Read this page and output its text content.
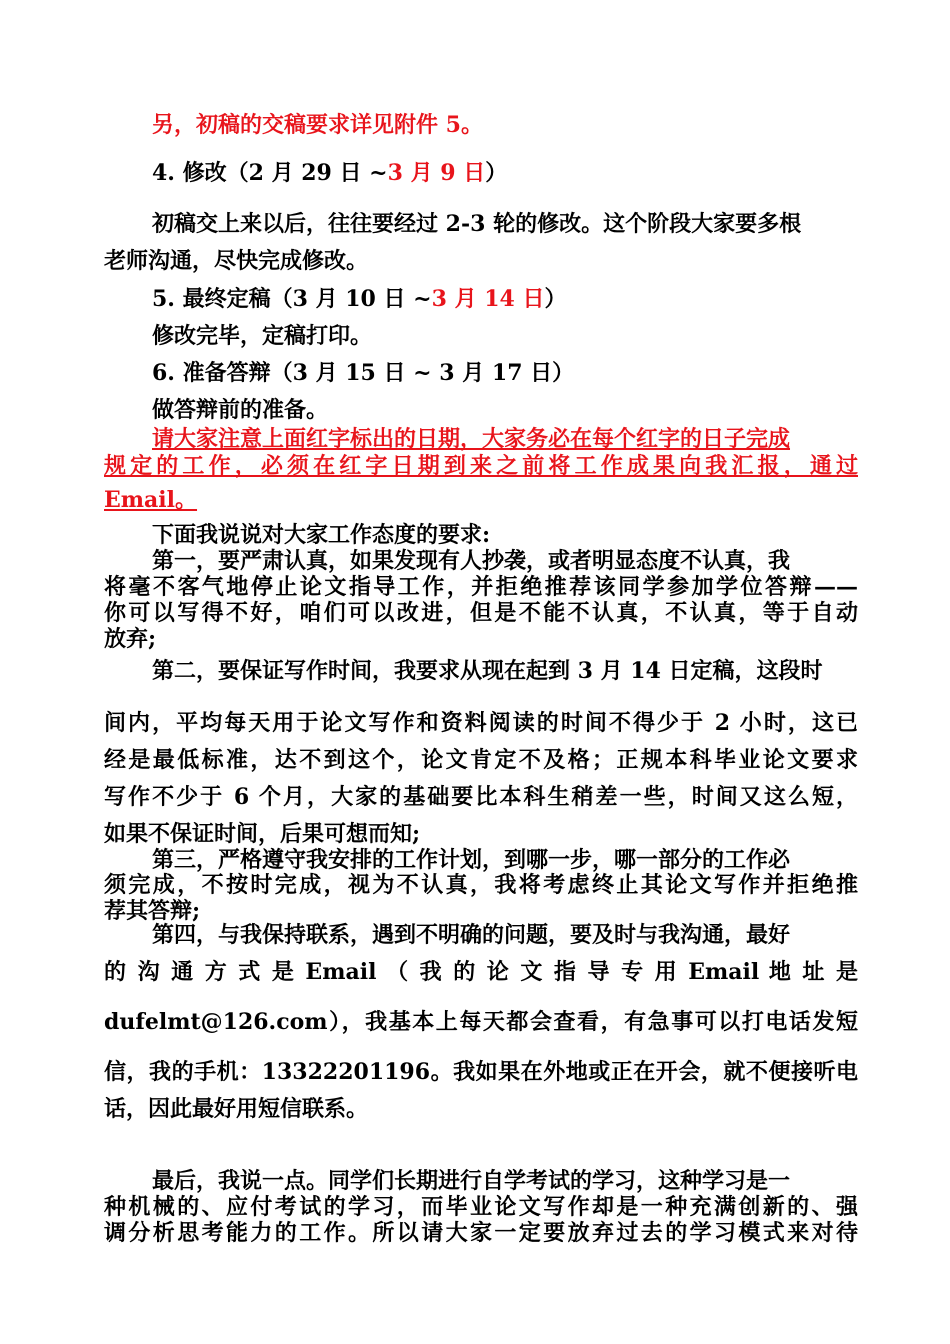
另，初稿的交稿要求详见附件 5。
4. 修改（2 月 29 日 ~3 月 9 日）
初稿交上来以后，往往要经过 2-3 轮的修改。这个阶段大家要多根
老师沟通，尽快完成修改。
5. 最终定稿（3 月 10 日 ~3 月 14 日）
修改完毕，定稿打印。
6. 准备答辩（3 月 15 日 ~ 3 月 17 日）
做答辩前的准备。
请大家注意上面红字标出的日期，大家务必在每个红字的日子完成
规定的工作，必须在红字日期到来之前将工作成果向我汇报，通过
Email。
下面我说说对大家工作态度的要求:
第一，要严肃认真，如果发现有人抄袭，或者明显态度不认真，我
将毫不客气地停止论文指导工作，并拒绝推荐该同学参加学位答辩——
你可以写得不好，咱们可以改进，但是不能不认真，不认真，等于自动
放弃;
第二，要保证写作时间，我要求从现在起到 3 月 14 日定稿，这段时
间内，平均每天用于论文写作和资料阅读的时间不得少于 2 小时，这已
经是最低标准，达不到这个，论文肯定不及格；正规本科毕业论文要求
写作不少于 6 个月，大家的基础要比本科生稍差一些，时间又这么短，
如果不保证时间，后果可想而知;
第三，严格遵守我安排的工作计划，到哪一步，哪一部分的工作必
须完成，不按时完成，视为不认真，我将考虑终止其论文写作并拒绝推
荐其答辩;
第四，与我保持联系，遇到不明确的问题，要及时与我沟通，最好
的 沟 通 方 式 是 Email （ 我 的 论 文 指 导 专 用 Email 地 址 是
dufelmt@126.com），我基本上每天都会查看，有急事可以打电话发短
信，我的手机：13322201196。我如果在外地或正在开会，就不便接听电
话，因此最好用短信联系。
最后，我说一点。同学们长期进行自学考试的学习，这种学习是一
种机械的、应付考试的学习，而毕业论文写作却是一种充满创新的、强
调分析思考能力的工作。所以请大家一定要放弃过去的学习模式来对待
